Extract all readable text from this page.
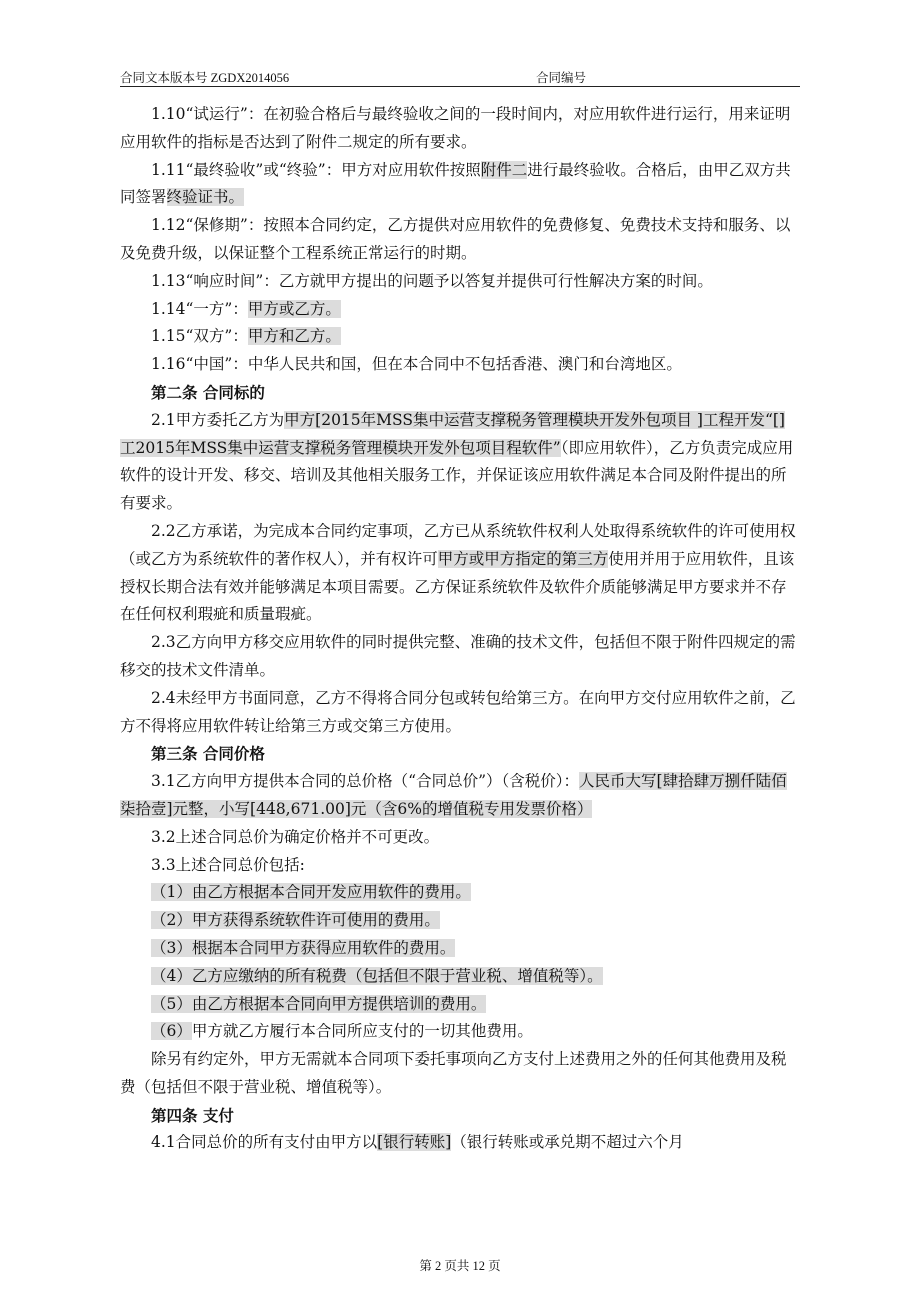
合同文本版本号 ZGDX2014056	合同编号

1.10“试运行”：在初验合格后与最终验收之间的一段时间内，对应用软件进行运行，用来证明应用软件的指标是否达到了附件二规定的所有要求。

1.11“最终验收”或“终验”：甲方对应用软件按照附件二进行最终验收。合格后，由甲乙双方共同签署终验证书。

1.12“保修期”：按照本合同约定，乙方提供对应用软件的免费修复、免费技术支持和服务、以及免费升级，以保证整个工程系统正常运行的时期。

1.13“响应时间”：乙方就甲方提出的问题予以答复并提供可行性解决方案的时间。

1.14“一方”：甲方或乙方。

1.15“双方”：甲方和乙方。

1.16“中国”：中华人民共和国，但在本合同中不包括香港、澳门和台湾地区。

第二条 合同标的

2.1甲方委托乙方为甲方[2015年MSS集中运营支撑税务管理模块开发外包项目 ]工程开发“[]工2015年MSS集中运营支撑税务管理模块开发外包项目程软件”（即应用软件），乙方负责完成应用软件的设计开发、移交、培训及其他相关服务工作，并保证该应用软件满足本合同及附件提出的所有要求。

2.2乙方承诺，为完成本合同约定事项，乙方已从系统软件权利人处取得系统软件的许可使用权（或乙方为系统软件的著作权人），并有权许可甲方或甲方指定的第三方使用并用于应用软件，且该授权长期合法有效并能够满足本项目需要。乙方保证系统软件及软件介质能够满足甲方要求并不存在任何权利瑕疵和质量瑕疵。

2.3乙方向甲方移交应用软件的同时提供完整、准确的技术文件，包括但不限于附件四规定的需移交的技术文件清单。

2.4未经甲方书面同意，乙方不得将合同分包或转包给第三方。在向甲方交付应用软件之前，乙方不得将应用软件转让给第三方或交第三方使用。

第三条 合同价格

3.1乙方向甲方提供本合同的总价格（“合同总价”）（含税价）：人民币大写[肆拾肆万捌仟陆佰柒拾壹]元整，小写[448,671.00]元（含6%的增值税专用发票价格）

3.2上述合同总价为确定价格并不可更改。

3.3上述合同总价包括:

（1）由乙方根据本合同开发应用软件的费用。

（2）甲方获得系统软件许可使用的费用。

（3）根据本合同甲方获得应用软件的费用。

（4）乙方应缴纳的所有税费（包括但不限于营业税、增值税等）。

（5）由乙方根据本合同向甲方提供培训的费用。

（6）甲方就乙方履行本合同所应支付的一切其他费用。

除另有约定外，甲方无需就本合同项下委托事项向乙方支付上述费用之外的任何其他费用及税费（包括但不限于营业税、增值税等）。

第四条 支付

4.1合同总价的所有支付由甲方以[银行转账]（银行转账或承兑期不超过六个月

第 2 页共 12 页
